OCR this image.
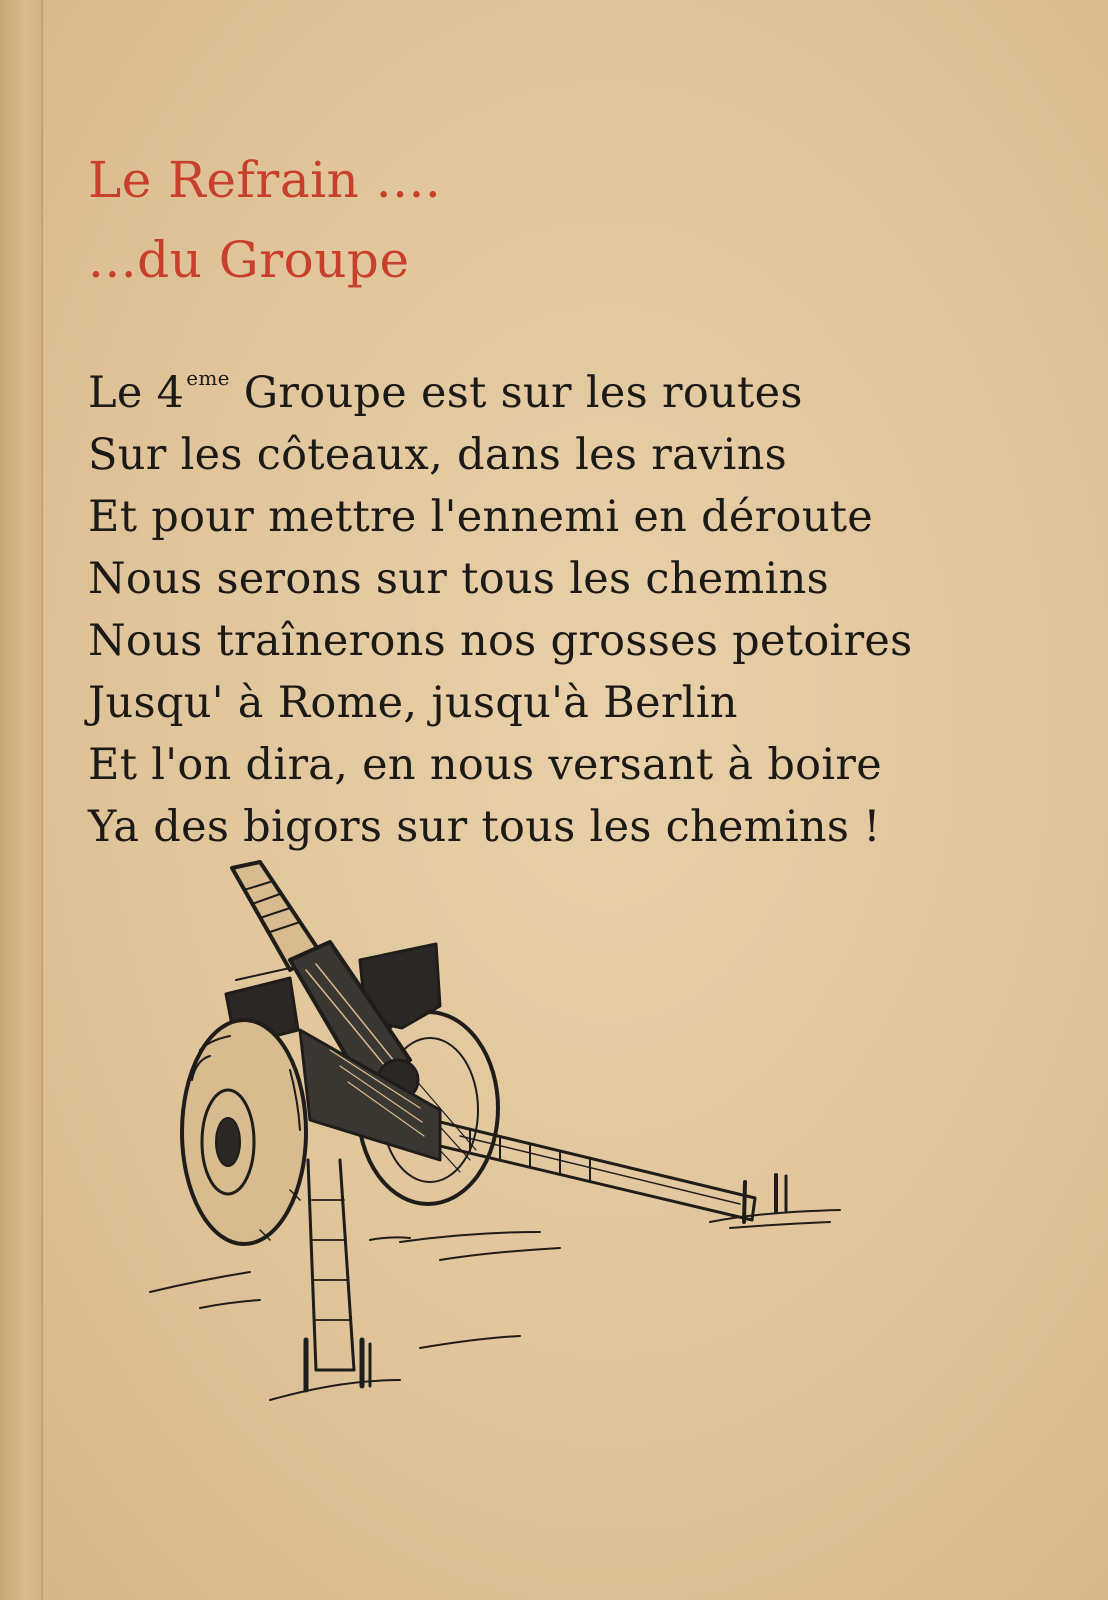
Le Refrain ....
...du Groupe
Le 4 $^{eme}$ Groupe est sur les routes
Sur les côteaux, dans les ravins
Et pour mettre l'ennemi en déroute
Nous serons sur tous les chemins
Nous traînerons nos grosses petoires
Jusqu' à Rome, jusqu'à Berlin
Et l'on dira, en nous versant à boire
Ya des bigors sur tous les chemins !
